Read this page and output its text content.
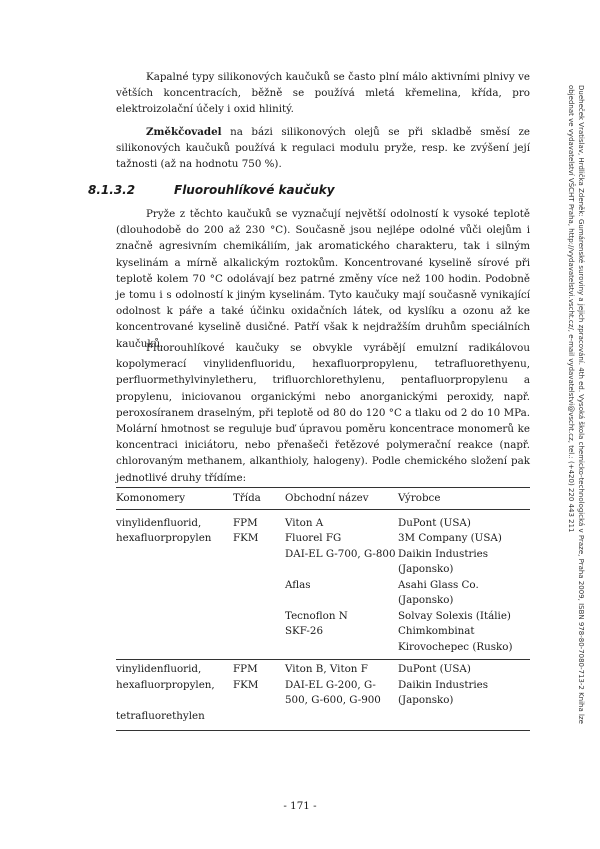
Dueheček Vratislav, Hrdlička Zdeněk: Gumárenské suroviny a jejich zpracování. 4th ed. Vysoká škola chemicko-technologická v Praze, Praha 2009, ISBN 978-80-7080-713-2 Kniha lze objednat ve vydavatelství VŠCHT Praha, http://vydavatelstvi.vscht.cz/, e-mail vydavatelstvi@vscht.cz, tel.: (+420) 220 443 211

Kapalné typy silikonových kaučuků se často plní málo aktivními plnivy ve větších koncentracích, běžně se používá mletá křemelina, křída, pro elektroizolační účely i oxid hlinitý.

Změkčovadel na bázi silikonových olejů se při skladbě směsí ze silikonových kaučuků používá k regulaci modulu pryže, resp. ke zvýšení její tažnosti (až na hodnotu 750 %).

8.1.3.2	Fluorouhlíkové kaučuky

Pryže z těchto kaučuků se vyznačují největší odolností k vysoké teplotě (dlouhodobě do 200 až 230 °C). Současně jsou nejlépe odolné vůči olejům i značně agresivním chemikáliím, jak aromatického charakteru, tak i silným kyselinám a mírně alkalickým roztokům. Koncentrované kyselině sírové při teplotě kolem 70 °C odolávají bez patrné změny více než 100 hodin. Podobně je tomu i s odolností k jiným kyselinám. Tyto kaučuky mají současně vynikající odolnost k páře a také účinku oxidačních látek, od kyslíku a ozonu až ke koncentrované kyselině dusičné. Patří však k nejdražším druhům speciálních kaučuků.

Fluorouhlíkové kaučuky se obvykle vyrábějí emulzní radikálovou kopolymerací vinylidenfluoridu, hexafluorpropylenu, tetrafluorethyenu, perfluormethylvinyletheru, trifluorchlorethylenu, pentafluorpropylenu a propylenu, iniciovanou organickými nebo anorganickými peroxidy, např. peroxosíranem draselným, při teplotě od 80 do 120 °C a tlaku od 2 do 10 MPa. Molární hmotnost se reguluje buď úpravou poměru koncentrace monomerů ke koncentraci iniciátoru, nebo přenašeči řetězové polymerační reakce (např. chlorovaným methanem, alkanthioly, halogeny). Podle chemického složení pak jednotlivé druhy třídíme:

Komonomery	Třída	Obchodní název	Výrobce

vinylidenfluorid,	FPM	Viton A	DuPont (USA)
hexafluorpropylen	FKM	Fluorel FG	3M Company (USA)
		DAI-EL G-700, G-800	Daikin Industries (Japonsko)
		Aflas	Asahi Glass Co. (Japonsko)
		Tecnoflon N	Solvay Solexis (Itálie)
		SKF-26	Chimkombinat Kirovochepec (Rusko)
vinylidenfluorid,	FPM	Viton B, Viton F	DuPont (USA)
hexafluorpropylen,	FKM	DAI-EL G-200, G-500, G-600, G-900	Daikin Industries (Japonsko)
tetrafluorethylen			
- 171 -
